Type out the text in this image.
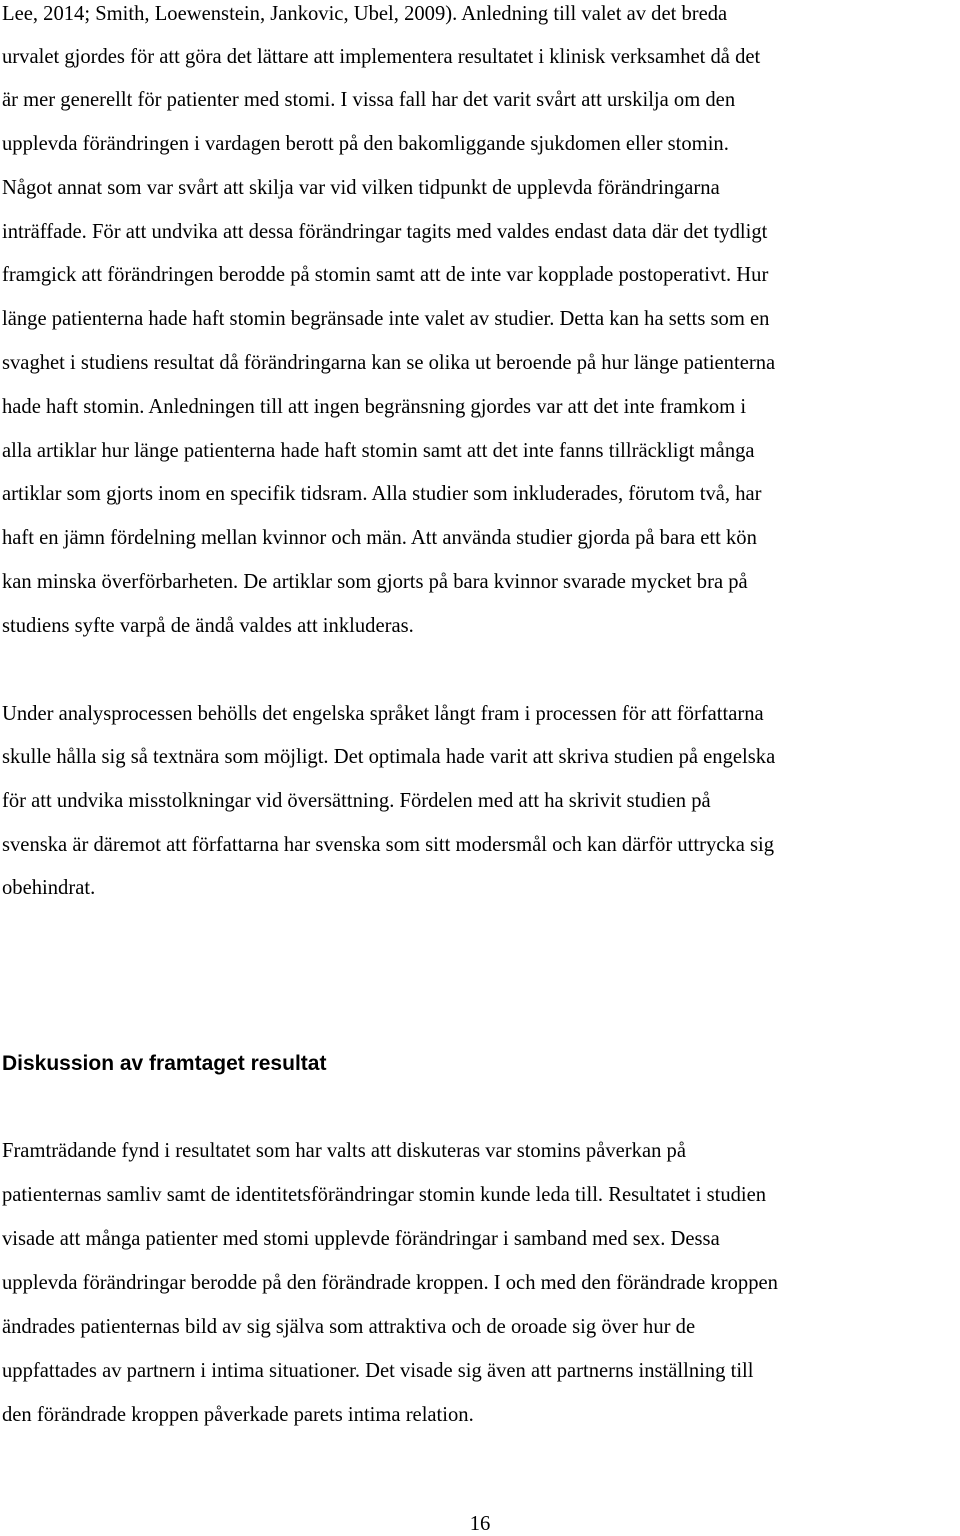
Lee, 2014; Smith, Loewenstein, Jankovic, Ubel, 2009). Anledning till valet av det breda
urvalet gjordes för att göra det lättare att implementera resultatet i klinisk verksamhet då det
är mer generellt för patienter med stomi. I vissa fall har det varit svårt att urskilja om den
upplevda förändringen i vardagen berott på den bakomliggande sjukdomen eller stomin.
Något annat som var svårt att skilja var vid vilken tidpunkt de upplevda förändringarna
inträffade. För att undvika att dessa förändringar tagits med valdes endast data där det tydligt
framgick att förändringen berodde på stomin samt att de inte var kopplade postoperativt. Hur
länge patienterna hade haft stomin begränsade inte valet av studier. Detta kan ha setts som en
svaghet i studiens resultat då förändringarna kan se olika ut beroende på hur länge patienterna
hade haft stomin. Anledningen till att ingen begränsning gjordes var att det inte framkom i
alla artiklar hur länge patienterna hade haft stomin samt att det inte fanns tillräckligt många
artiklar som gjorts inom en specifik tidsram. Alla studier som inkluderades, förutom två, har
haft en jämn fördelning mellan kvinnor och män. Att använda studier gjorda på bara ett kön
kan minska överförbarheten. De artiklar som gjorts på bara kvinnor svarade mycket bra på
studiens syfte varpå de ändå valdes att inkluderas.
Under analysprocessen behölls det engelska språket långt fram i processen för att författarna
skulle hålla sig så textnära som möjligt. Det optimala hade varit att skriva studien på engelska
för att undvika misstolkningar vid översättning. Fördelen med att ha skrivit studien på
svenska är däremot att författarna har svenska som sitt modersmål och kan därför uttrycka sig
obehindrat.
Diskussion av framtaget resultat
Framträdande fynd i resultatet som har valts att diskuteras var stomins påverkan på
patienternas samliv samt de identitetsförändringar stomin kunde leda till. Resultatet i studien
visade att många patienter med stomi upplevde förändringar i samband med sex. Dessa
upplevda förändringar berodde på den förändrade kroppen. I och med den förändrade kroppen
ändrades patienternas bild av sig själva som attraktiva och de oroade sig över hur de
uppfattades av partnern i intima situationer. Det visade sig även att partnerns inställning till
den förändrade kroppen påverkade parets intima relation.
16
